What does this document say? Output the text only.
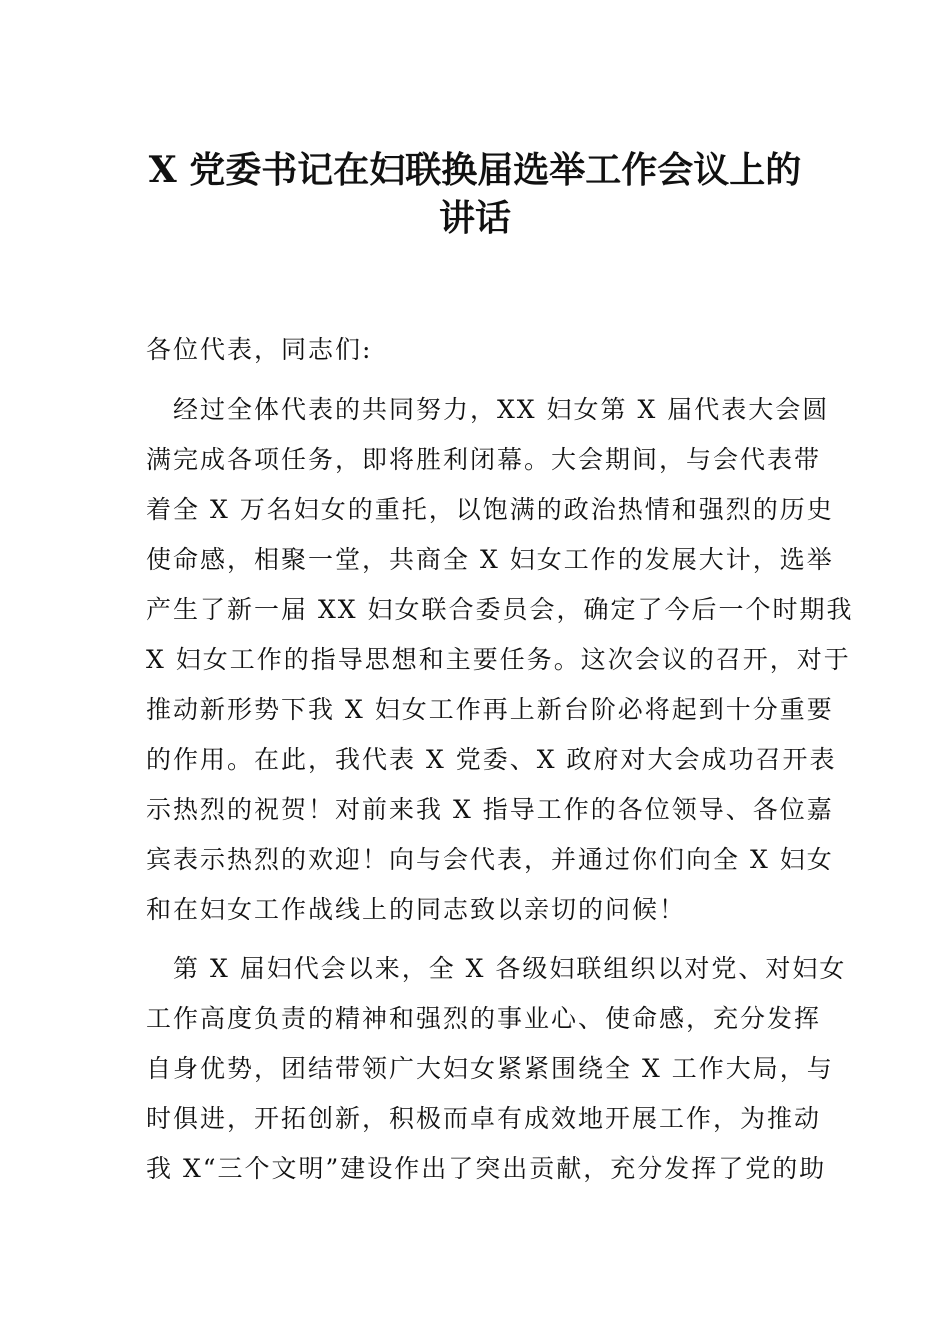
X 党委书记在妇联换届选举工作会议上的
讲话
各位代表，同志们:
　经过全体代表的共同努力，XX 妇女第 X 届代表大会圆
满完成各项任务，即将胜利闭幕。大会期间，与会代表带
着全 X 万名妇女的重托，以饱满的政治热情和强烈的历史
使命感，相聚一堂，共商全 X 妇女工作的发展大计，选举
产生了新一届 XX 妇女联合委员会，确定了今后一个时期我
X 妇女工作的指导思想和主要任务。这次会议的召开，对于
推动新形势下我 X 妇女工作再上新台阶必将起到十分重要
的作用。在此，我代表 X 党委、X 政府对大会成功召开表
示热烈的祝贺！对前来我 X 指导工作的各位领导、各位嘉
宾表示热烈的欢迎！向与会代表，并通过你们向全 X 妇女
和在妇女工作战线上的同志致以亲切的问候！
　第 X 届妇代会以来，全 X 各级妇联组织以对党、对妇女
工作高度负责的精神和强烈的事业心、使命感，充分发挥
自身优势，团结带领广大妇女紧紧围绕全 X 工作大局，与
时俱进，开拓创新，积极而卓有成效地开展工作，为推动
我 X“三个文明”建设作出了突出贡献，充分发挥了党的助
